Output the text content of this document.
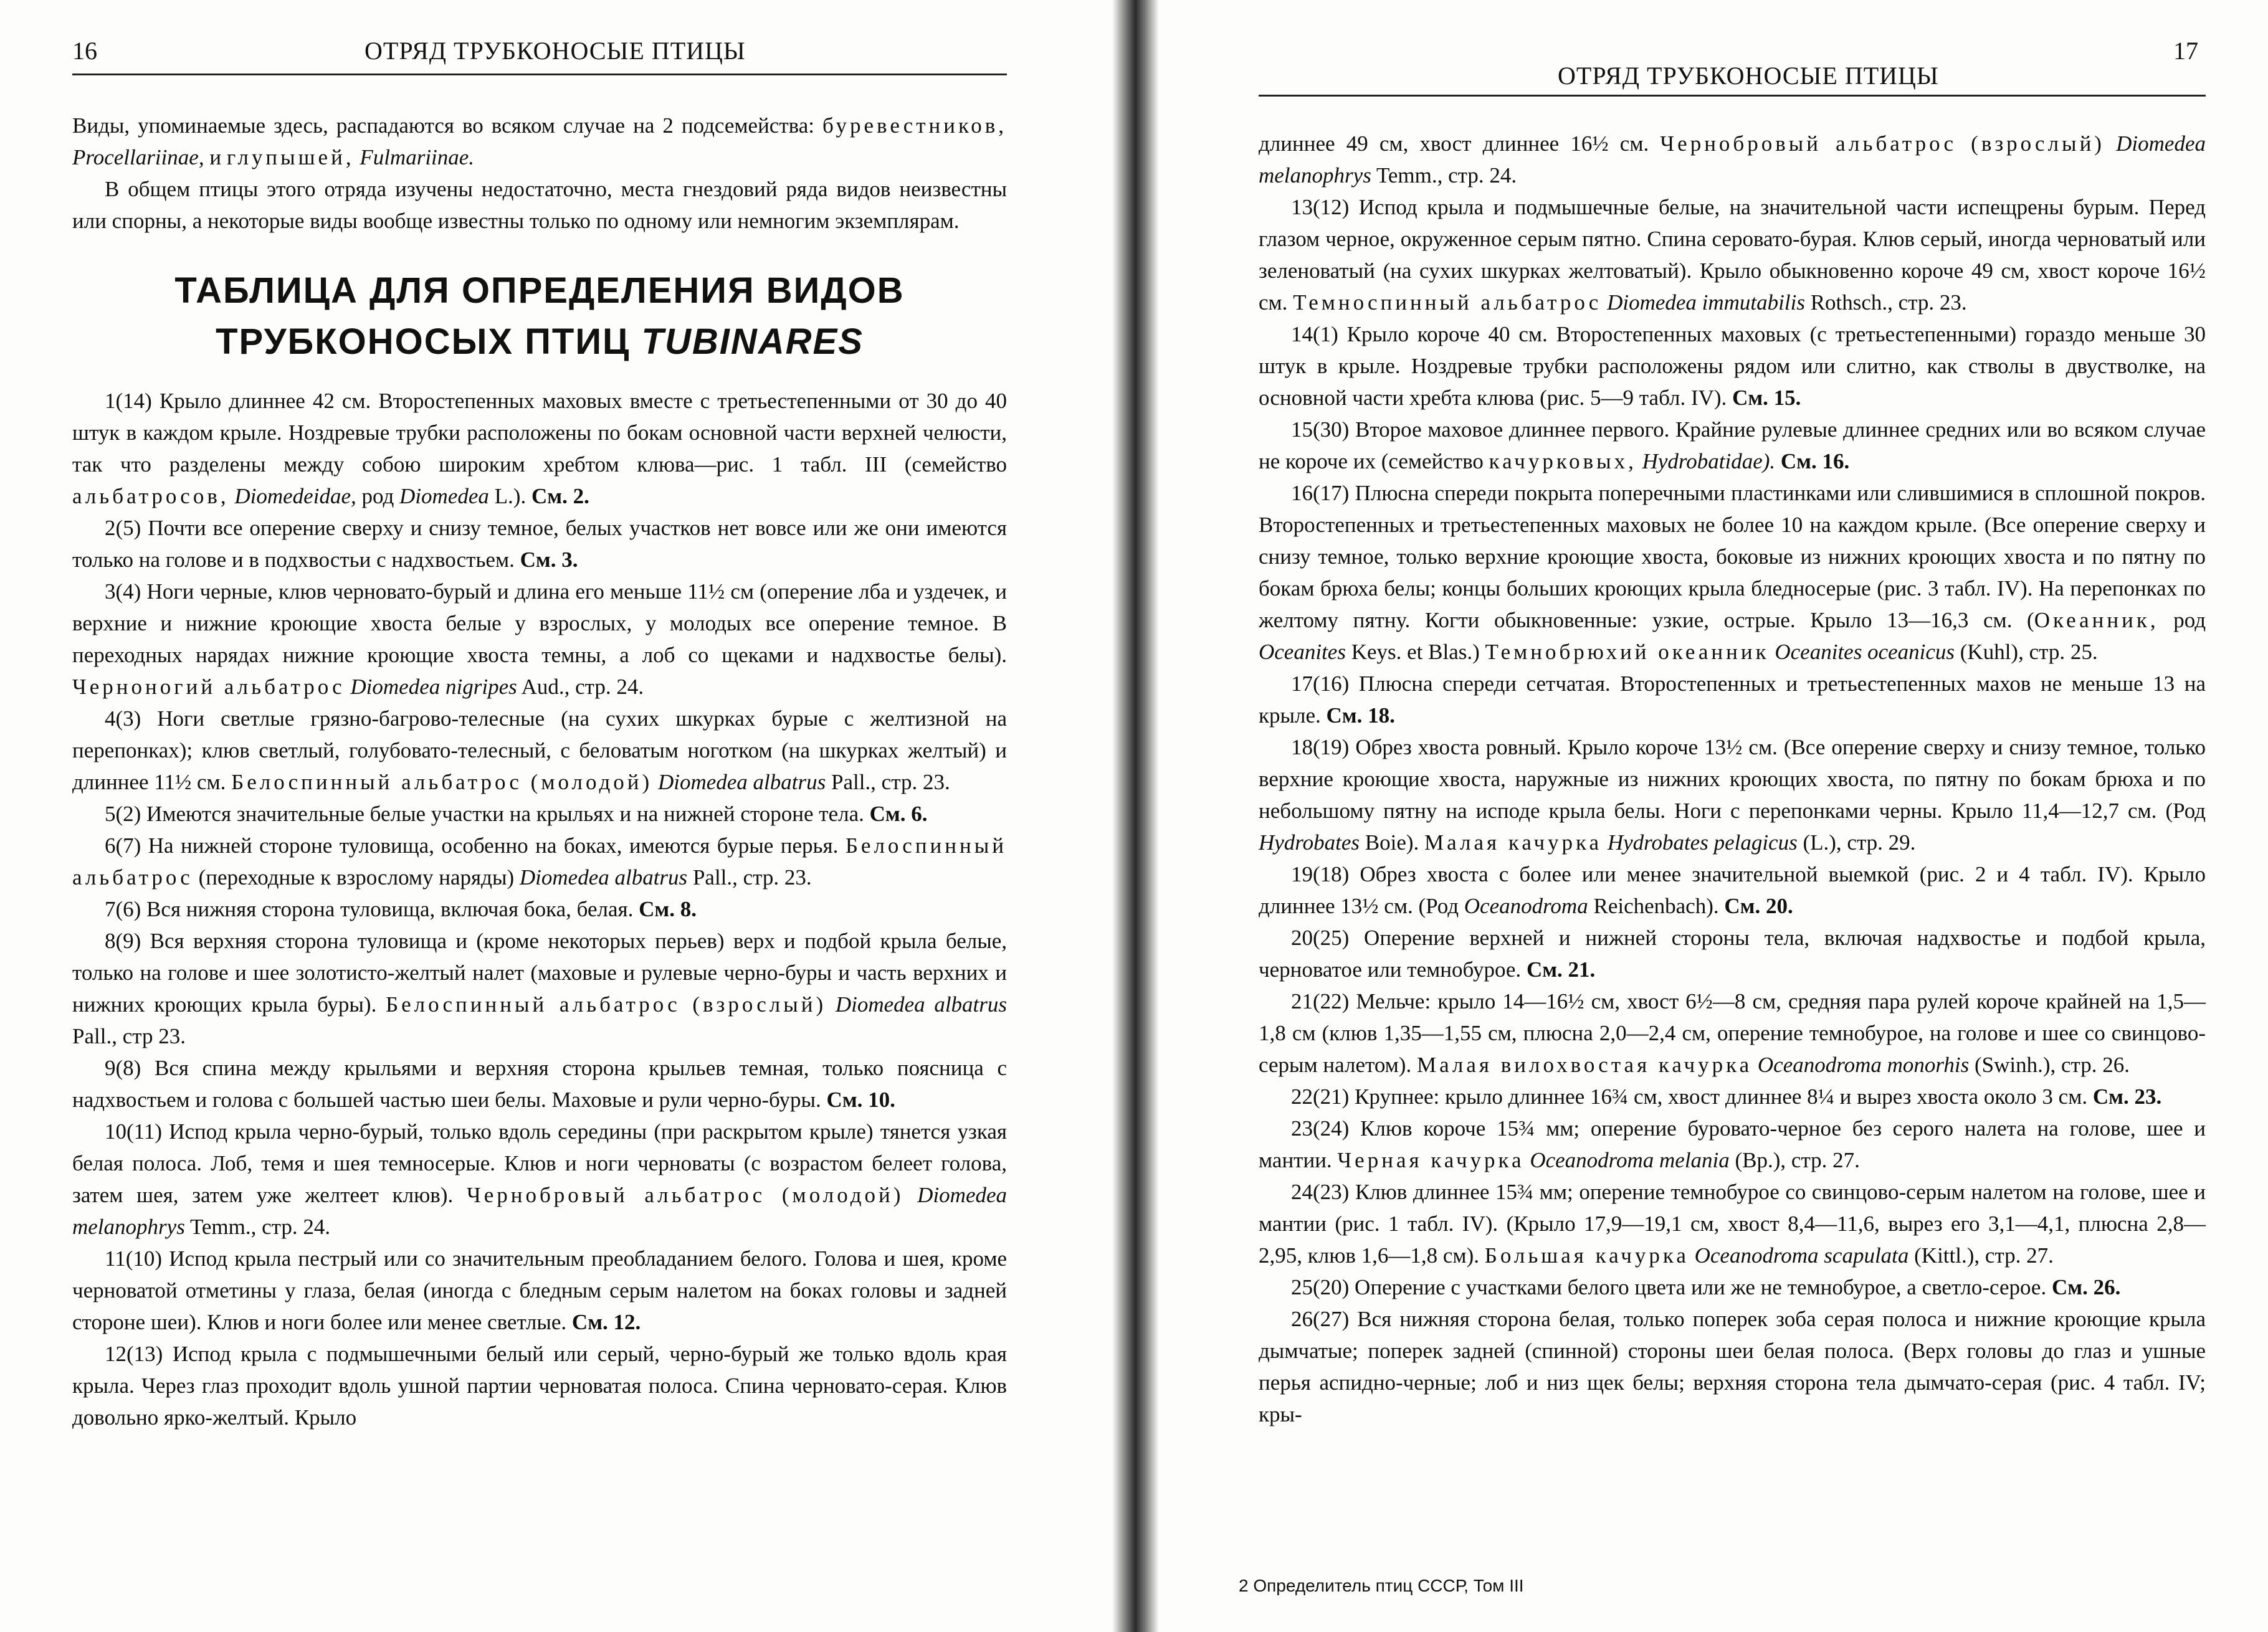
16	ОТРЯД ТРУБКОНОСЫЕ ПТИЦЫ

Виды, упоминаемые здесь, распадаются во всяком случае на 2 подсемейства: буревестников, Procellariinae, и глупышей, Fulmariinae.

В общем птицы этого отряда изучены недостаточно, места гнездовий ряда видов неизвестны или спорны, а некоторые виды вообще известны только по одному или немногим экземплярам.

ТАБЛИЦА ДЛЯ ОПРЕДЕЛЕНИЯ ВИДОВ
ТРУБКОНОСЫХ ПТИЦ TUBINARES

1(14) Крыло длиннее 42 см. Второстепенных маховых вместе с третьестепенными от 30 до 40 штук в каждом крыле. Ноздревые трубки расположены по бокам основной части верхней челюсти, так что разделены между собою широким хребтом клюва—рис. 1 табл. III (семейство альбатросов, Diomedeidae, род Diomedea L.). См. 2.

2(5) Почти все оперение сверху и снизу темное, белых участков нет вовсе или же они имеются только на голове и в подхвостьи с надхвостьем. См. 3.

3(4) Ноги черные, клюв черновато-бурый и длина его меньше 11½ см (оперение лба и уздечек, и верхние и нижние кроющие хвоста белые у взрослых, у молодых все оперение темное. В переходных нарядах нижние кроющие хвоста темны, а лоб со щеками и надхвостье белы). Черноногий альбатрос Diomedea nigripes Aud., стр. 24.

4(3) Ноги светлые грязно-багрово-телесные (на сухих шкурках бурые с желтизной на перепонках); клюв светлый, голубовато-телесный, с беловатым ноготком (на шкурках желтый) и длиннее 11½ см. Белоспинный альбатрос (молодой) Diomedea albatrus Pall., стр. 23.

5(2) Имеются значительные белые участки на крыльях и на нижней стороне тела. См. 6.

6(7) На нижней стороне туловища, особенно на боках, имеются бурые перья. Белоспинный альбатрос (переходные к взрослому наряды) Diomedea albatrus Pall., стр. 23.

7(6) Вся нижняя сторона туловища, включая бока, белая. См. 8.

8(9) Вся верхняя сторона туловища и (кроме некоторых перьев) верх и подбой крыла белые, только на голове и шее золотисто-желтый налет (маховые и рулевые черно-буры и часть верхних и нижних кроющих крыла буры). Белоспинный альбатрос (взрослый) Diomedea albatrus Pall., стр 23.

9(8) Вся спина между крыльями и верхняя сторона крыльев темная, только поясница с надхвостьем и голова с большей частью шеи белы. Маховые и рули черно-буры. См. 10.

10(11) Испод крыла черно-бурый, только вдоль середины (при раскрытом крыле) тянется узкая белая полоса. Лоб, темя и шея темносерые. Клюв и ноги черноваты (с возрастом белеет голова, затем шея, затем уже желтеет клюв). Чернобровый альбатрос (молодой) Diomedea melanophrys Temm., стр. 24.

11(10) Испод крыла пестрый или со значительным преобладанием белого. Голова и шея, кроме черноватой отметины у глаза, белая (иногда с бледным серым налетом на боках головы и задней стороне шеи). Клюв и ноги более или менее светлые. См. 12.

12(13) Испод крыла с подмышечными белый или серый, черно-бурый же только вдоль края крыла. Через глаз проходит вдоль ушной партии черноватая полоса. Спина черновато-серая. Клюв довольно ярко-желтый. Крыло

ОТРЯД ТРУБКОНОСЫЕ ПТИЦЫ
17

длиннее 49 см, хвост длиннее 16½ см. Чернобровый альбатрос (взрослый) Diomedea melanophrys Temm., стр. 24.

13(12) Испод крыла и подмышечные белые, на значительной части испещрены бурым. Перед глазом черное, окруженное серым пятно. Спина серовато-бурая. Клюв серый, иногда черноватый или зеленоватый (на сухих шкурках желтоватый). Крыло обыкновенно короче 49 см, хвост короче 16½ см. Темноспинный альбатрос Diomedea immutabilis Rothsch., стр. 23.

14(1) Крыло короче 40 см. Второстепенных маховых (с третьестепенными) гораздо меньше 30 штук в крыле. Ноздревые трубки расположены рядом или слитно, как стволы в двустволке, на основной части хребта клюва (рис. 5—9 табл. IV). См. 15.

15(30) Второе маховое длиннее первого. Крайние рулевые длиннее средних или во всяком случае не короче их (семейство качурковых, Hydrobatidae). См. 16.

16(17) Плюсна спереди покрыта поперечными пластинками или слившимися в сплошной покров. Второстепенных и третьестепенных маховых не более 10 на каждом крыле. (Все оперение сверху и снизу темное, только верхние кроющие хвоста, боковые из нижних кроющих хвоста и по пятну по бокам брюха белы; концы больших кроющих крыла бледносерые (рис. 3 табл. IV). На перепонках по желтому пятну. Когти обыкновенные: узкие, острые. Крыло 13—16,3 см. (Океанник, род Oceanites Keys. et Blas.) Темнобрюхий океанник Oceanites oceanicus (Kuhl), стр. 25.

17(16) Плюсна спереди сетчатая. Второстепенных и третьестепенных махов не меньше 13 на крыле. См. 18.

18(19) Обрез хвоста ровный. Крыло короче 13½ см. (Все оперение сверху и снизу темное, только верхние кроющие хвоста, наружные из нижних кроющих хвоста, по пятну по бокам брюха и по небольшому пятну на исподе крыла белы. Ноги с перепонками черны. Крыло 11,4—12,7 см. (Род Hydrobates Boie). Малая качурка Hydrobates pelagicus (L.), стр. 29.

19(18) Обрез хвоста с более или менее значительной выемкой (рис. 2 и 4 табл. IV). Крыло длиннее 13½ см. (Род Oceanodroma Reichenbach). См. 20.

20(25) Оперение верхней и нижней стороны тела, включая надхвостье и подбой крыла, черноватое или темнобурое. См. 21.

21(22) Мельче: крыло 14—16½ см, хвост 6½—8 см, средняя пара рулей короче крайней на 1,5—1,8 см (клюв 1,35—1,55 см, плюсна 2,0—2,4 см, оперение темнобурое, на голове и шее со свинцово-серым налетом). Малая вилохвостая качурка Oceanodroma monorhis (Swinh.), стр. 26.

22(21) Крупнее: крыло длиннее 16¾ см, хвост длиннее 8¼ и вырез хвоста около 3 см. См. 23.

23(24) Клюв короче 15¾ мм; оперение буровато-черное без серого налета на голове, шее и мантии. Черная качурка Oceanodroma melania (Bp.), стр. 27.

24(23) Клюв длиннее 15¾ мм; оперение темнобурое со свинцово-серым налетом на голове, шее и мантии (рис. 1 табл. IV). (Крыло 17,9—19,1 см, хвост 8,4—11,6, вырез его 3,1—4,1, плюсна 2,8—2,95, клюв 1,6—1,8 см). Большая качурка Oceanodroma scapulata (Kittl.), стр. 27.

25(20) Оперение с участками белого цвета или же не темнобурое, а светло-серое. См. 26.

26(27) Вся нижняя сторона белая, только поперек зоба серая полоса и нижние кроющие крыла дымчатые; поперек задней (спинной) стороны шеи белая полоса. (Верх головы до глаз и ушные перья аспидно-черные; лоб и низ щек белы; верхняя сторона тела дымчато-серая (рис. 4 табл. IV; кры-

2 Определитель птиц СССР, Том III
